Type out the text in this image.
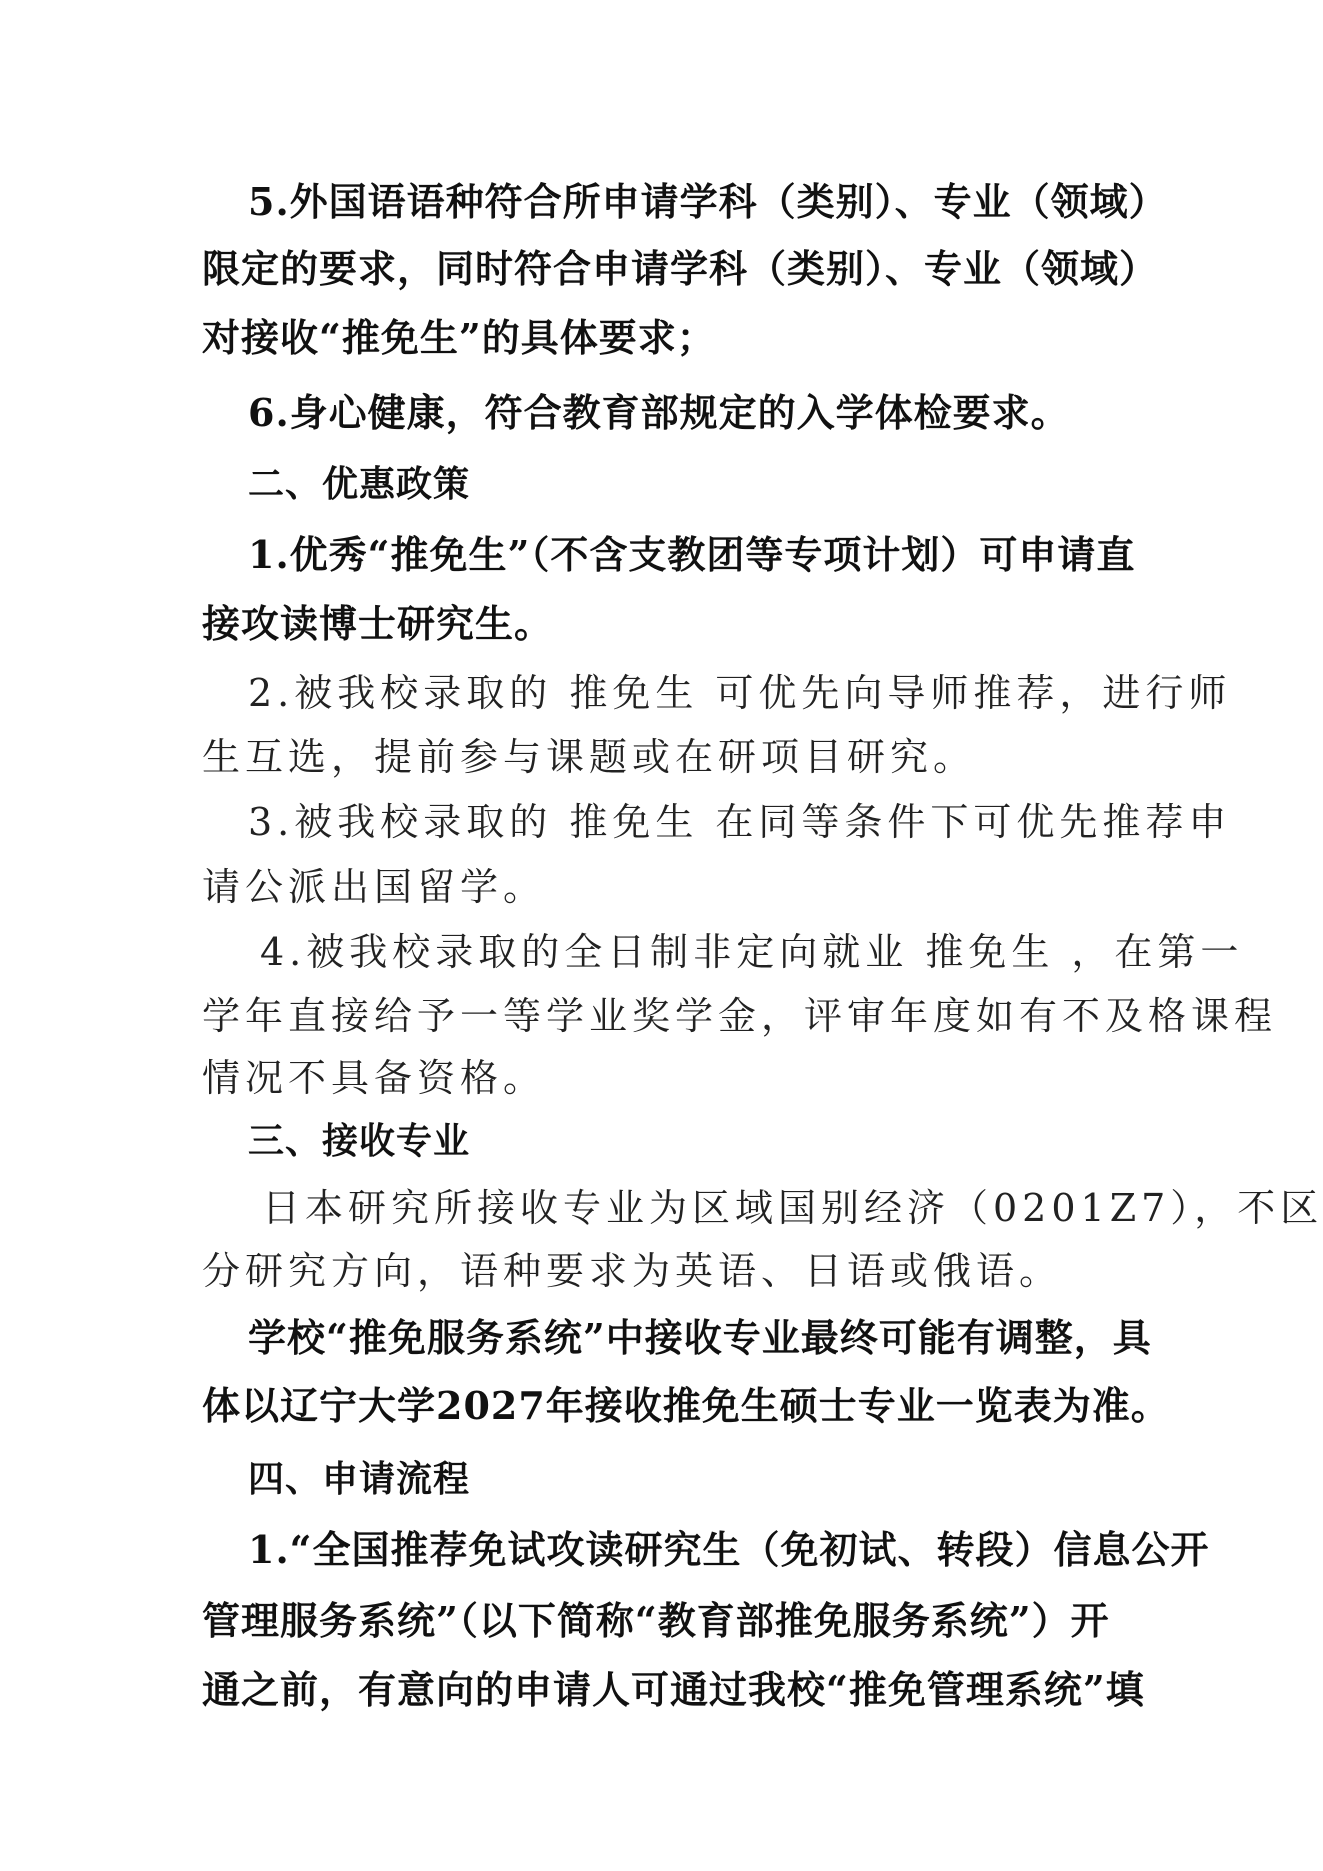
5.外国语语种符合所申请学科（类别）、专业（领域）
限定的要求，同时符合申请学科（类别）、专业（领域）
对接收“推免生”的具体要求；
6.身心健康，符合教育部规定的入学体检要求。
二、优惠政策
1.优秀“推免生”（不含支教团等专项计划）可申请直
接攻读博士研究生。
2.被我校录取的 推免生 可优先向导师推荐，进行师
生互选，提前参与课题或在研项目研究。
3.被我校录取的 推免生 在同等条件下可优先推荐申
请公派出国留学。
4.被我校录取的全日制非定向就业 推免生 ，在第一
学年直接给予一等学业奖学金，评审年度如有不及格课程
情况不具备资格。
三、接收专业
日本研究所接收专业为区域国别经济（0201Z7），不区
分研究方向，语种要求为英语、日语或俄语。
学校“推免服务系统”中接收专业最终可能有调整，具
体以辽宁大学2027年接收推免生硕士专业一览表为准。
四、申请流程
1.“全国推荐免试攻读研究生（免初试、转段）信息公开
管理服务系统”（以下简称“教育部推免服务系统”）开
通之前，有意向的申请人可通过我校“推免管理系统”填
